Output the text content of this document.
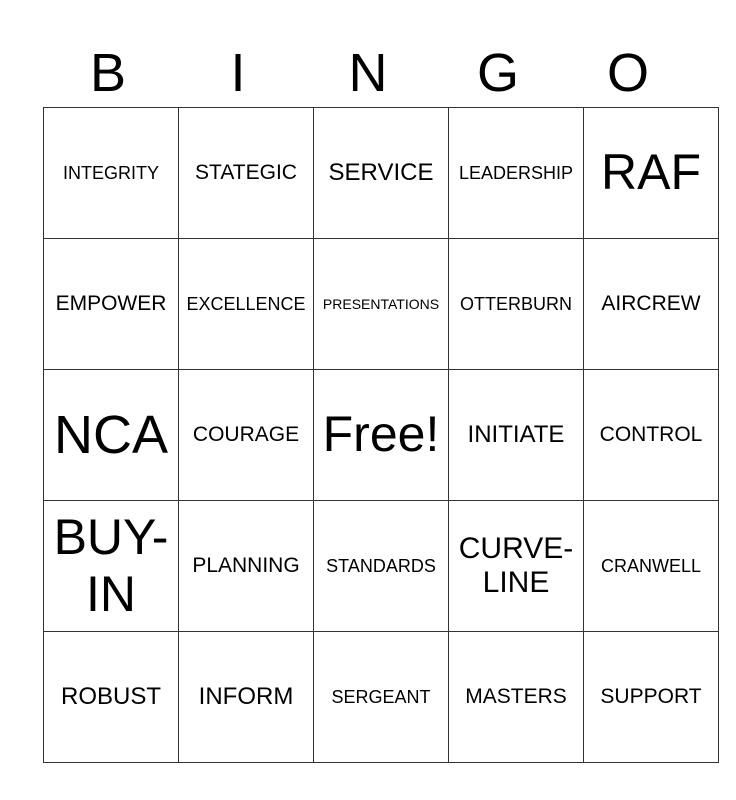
B	I	N	G	O
INTEGRITY	STATEGIC	SERVICE	LEADERSHIP	RAF
EMPOWER	EXCELLENCE	PRESENTATIONS	OTTERBURN	AIRCREW
NCA	COURAGE	Free!	INITIATE	CONTROL
BUY-IN	PLANNING	STANDARDS	CURVE-LINE	CRANWELL
ROBUST	INFORM	SERGEANT	MASTERS	SUPPORT
